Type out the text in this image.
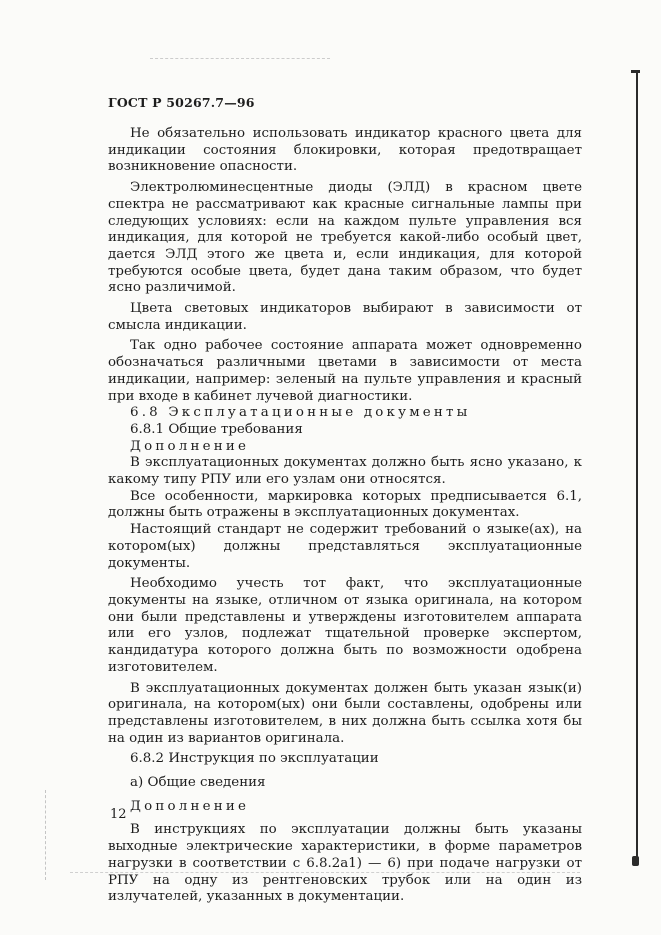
ГОСТ Р 50267.7—96

Не обязательно использовать индикатор красного цвета для индикации состояния блокировки, которая предотвращает возникновение опасности.

Электролюминесцентные диоды (ЭЛД) в красном цвете спектра не рассматривают как красные сигнальные лампы при следующих условиях: если на каждом пульте управления вся индикация, для которой не требуется какой-либо особый цвет, дается ЭЛД этого же цвета и, если индикация, для которой требуются особые цвета, будет дана таким образом, что будет ясно различимой.

Цвета световых индикаторов выбирают в зависимости от смысла индикации.

Так одно рабочее состояние аппарата может одновременно обозначаться различными цветами в зависимости от места индикации, например: зеленый на пульте управления и красный при входе в кабинет лучевой диагностики.

6.8 Эксплуатационные документы

6.8.1 Общие требования

Дополнение

В эксплуатационных документах должно быть ясно указано, к какому типу РПУ или его узлам они относятся.

Все особенности, маркировка которых предписывается 6.1, должны быть отражены в эксплуатационных документах.

Настоящий стандарт не содержит требований о языке(ах), на котором(ых) должны представляться эксплуатационные документы.

Необходимо учесть тот факт, что эксплуатационные документы на языке, отличном от языка оригинала, на котором они были представлены и утверждены изготовителем аппарата или его узлов, подлежат тщательной проверке экспертом, кандидатура которого должна быть по возможности одобрена изготовителем.

В эксплуатационных документах должен быть указан язык(и) оригинала, на котором(ых) они были составлены, одобрены или представлены изготовителем, в них должна быть ссылка хотя бы на один из вариантов оригинала.

6.8.2 Инструкция по эксплуатации

а) Общие сведения

Дополнение

В инструкциях по эксплуатации должны быть указаны выходные электрические характеристики, в форме параметров нагрузки в соответствии с 6.8.2а1) — 6) при подаче нагрузки от РПУ на одну из рентгеновских трубок или на один из излучателей, указанных в документации.

12
